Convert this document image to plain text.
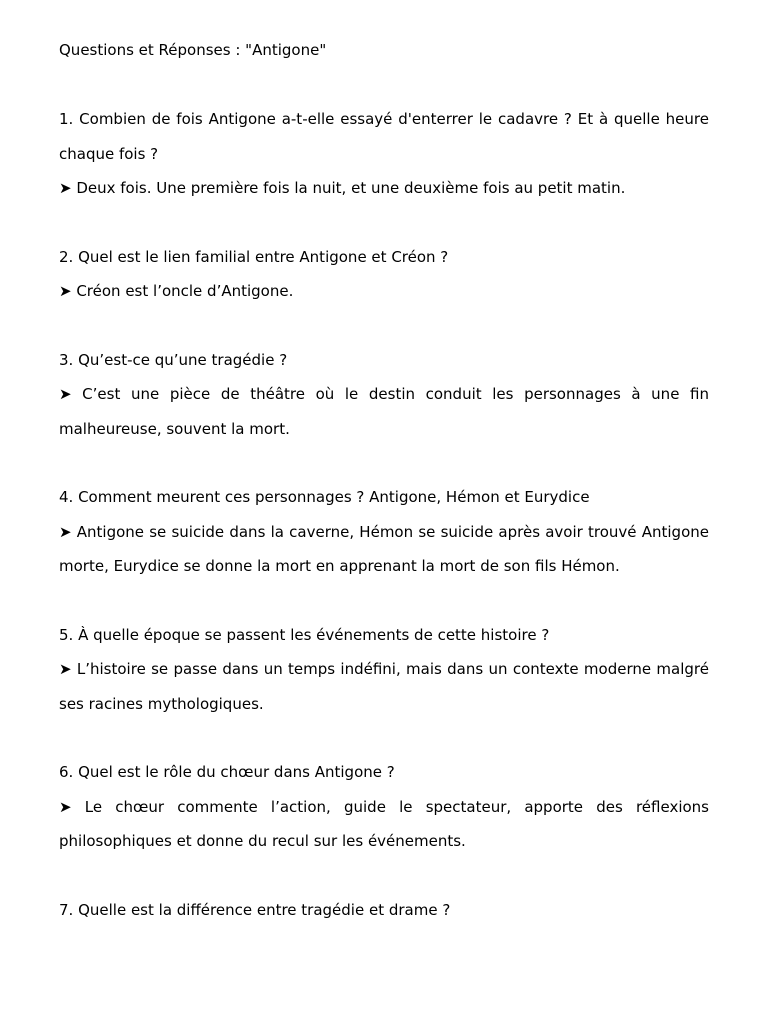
Questions et Réponses : "Antigone"

1. Combien de fois Antigone a-t-elle essayé d'enterrer le cadavre ? Et à quelle heure chaque fois ?

➤ Deux fois. Une première fois la nuit, et une deuxième fois au petit matin.

2. Quel est le lien familial entre Antigone et Créon ?

➤ Créon est l’oncle d’Antigone.

3. Qu’est-ce qu’une tragédie ?

➤ C’est une pièce de théâtre où le destin conduit les personnages à une fin malheureuse, souvent la mort.

4. Comment meurent ces personnages ? Antigone, Hémon et Eurydice

➤ Antigone se suicide dans la caverne, Hémon se suicide après avoir trouvé Antigone morte, Eurydice se donne la mort en apprenant la mort de son fils Hémon.

5. À quelle époque se passent les événements de cette histoire ?

➤ L’histoire se passe dans un temps indéfini, mais dans un contexte moderne malgré ses racines mythologiques.

6. Quel est le rôle du chœur dans Antigone ?

➤ Le chœur commente l’action, guide le spectateur, apporte des réflexions philosophiques et donne du recul sur les événements.

7. Quelle est la différence entre tragédie et drame ?
